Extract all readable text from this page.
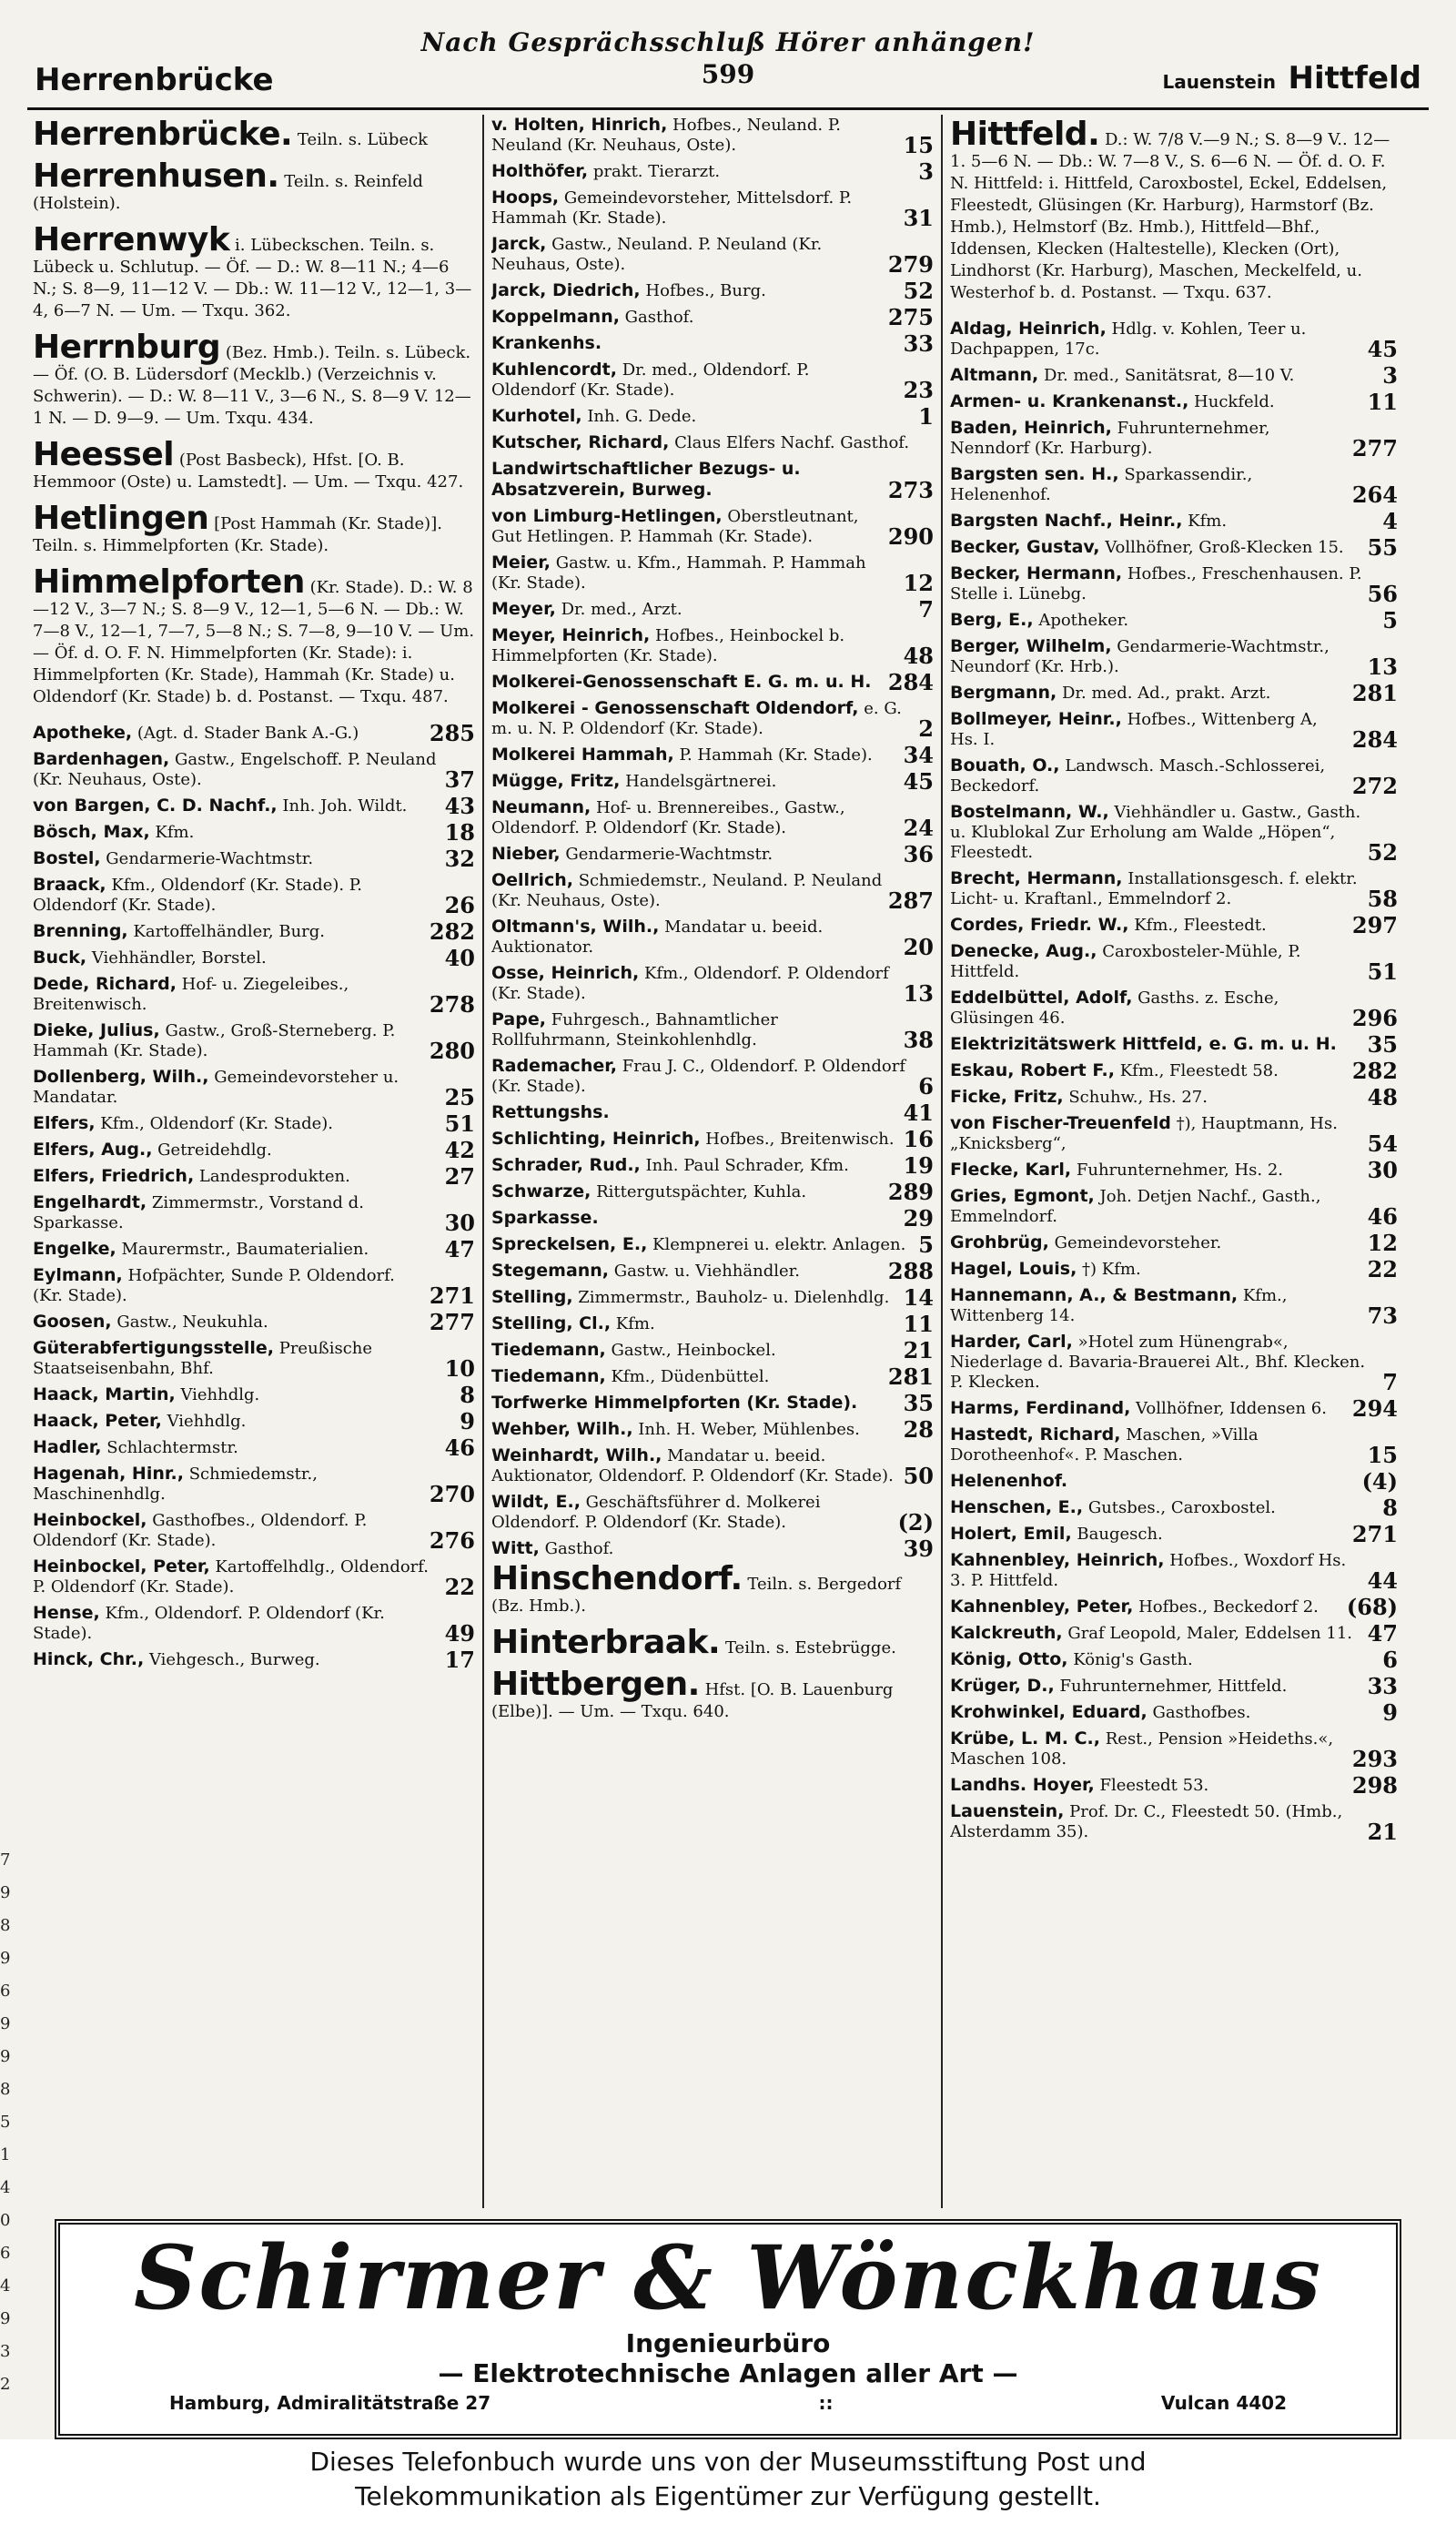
Herrenbrücke
Nach Gesprächsschluß Hörer anhängen!
599	Lauenstein Hittfeld
7
9
8
9
6
9
9
8
5
1
4
0
6
4
9
3
2
Herrenbrücke. Teiln. s. Lübeck
Herrenhusen. Teiln. s. Reinfeld (Holstein).
Herrenwyk i. Lübeckschen. Teiln. s. Lübeck u. Schlutup. — Öf. — D.: W. 8—11 N.; 4—6 N.; S. 8—9, 11—12 V. — Db.: W. 11—12 V., 12—1, 3—4, 6—7 N. — Um. — Txqu. 362.
Herrnburg (Bez. Hmb.). Teiln. s. Lübeck. — Öf. (O. B. Lüdersdorf (Mecklb.) (Verzeichnis v. Schwerin). — D.: W. 8—11 V., 3—6 N., S. 8—9 V. 12—1 N. — D. 9—9. — Um. Txqu. 434.
Heessel (Post Basbeck), Hfst. [O. B. Hemmoor (Oste) u. Lamstedt]. — Um. — Txqu. 427.
Hetlingen [Post Hammah (Kr. Stade)]. Teiln. s. Himmelpforten (Kr. Stade).
Himmelpforten (Kr. Stade). D.: W. 8—12 V., 3—7 N.; S. 8—9 V., 12—1, 5—6 N. — Db.: W. 7—8 V., 12—1, 7—7, 5—8 N.; S. 7—8, 9—10 V. — Um. — Öf. d. O. F. N. Himmelpforten (Kr. Stade): i. Himmelpforten (Kr. Stade), Hammah (Kr. Stade) u. Oldendorf (Kr. Stade) b. d. Postanst. — Txqu. 487.
Apotheke, (Agt. d. Stader Bank A.-G.)	285
Bardenhagen, Gastw., Engelschoff. P. Neuland (Kr. Neuhaus, Oste).	37
von Bargen, C. D. Nachf., Inh. Joh. Wildt.	43
Bösch, Max, Kfm.	18
Bostel, Gendarmerie-Wachtmstr.	32
Braack, Kfm., Oldendorf (Kr. Stade). P. Oldendorf (Kr. Stade).	26
Brenning, Kartoffelhändler, Burg.	282
Buck, Viehhändler, Borstel.	40
Dede, Richard, Hof- u. Ziegeleibes., Breitenwisch.	278
Dieke, Julius, Gastw., Groß-Sterneberg. P. Hammah (Kr. Stade).	280
Dollenberg, Wilh., Gemeindevorsteher u. Mandatar.	25
Elfers, Kfm., Oldendorf (Kr. Stade).	51
Elfers, Aug., Getreidehdlg.	42
Elfers, Friedrich, Landesprodukten.	27
Engelhardt, Zimmermstr., Vorstand d. Sparkasse.	30
Engelke, Maurermstr., Baumaterialien.	47
Eylmann, Hofpächter, Sunde P. Oldendorf. (Kr. Stade).	271
Goosen, Gastw., Neukuhla.	277
Güterabfertigungsstelle, Preußische Staatseisenbahn, Bhf.	10
Haack, Martin, Viehhdlg.	8
Haack, Peter, Viehhdlg.	9
Hadler, Schlachtermstr.	46
Hagenah, Hinr., Schmiedemstr., Maschinenhdlg.	270
Heinbockel, Gasthofbes., Oldendorf. P. Oldendorf (Kr. Stade).	276
Heinbockel, Peter, Kartoffelhdlg., Oldendorf. P. Oldendorf (Kr. Stade).	22
Hense, Kfm., Oldendorf. P. Oldendorf (Kr. Stade).	49
Hinck, Chr., Viehgesch., Burweg.	17
v. Holten, Hinrich, Hofbes., Neuland. P. Neuland (Kr. Neuhaus, Oste).	15
Holthöfer, prakt. Tierarzt.	3
Hoops, Gemeindevorsteher, Mittelsdorf. P. Hammah (Kr. Stade).	31
Jarck, Gastw., Neuland. P. Neuland (Kr. Neuhaus, Oste).	279
Jarck, Diedrich, Hofbes., Burg.	52
Koppelmann, Gasthof.	275
Krankenhs.	33
Kuhlencordt, Dr. med., Oldendorf. P. Oldendorf (Kr. Stade).	23
Kurhotel, Inh. G. Dede.	1
Kutscher, Richard, Claus Elfers Nachf. Gasthof.
Landwirtschaftlicher Bezugs- u. Absatzverein, Burweg.	273
von Limburg-Hetlingen, Oberstleutnant, Gut Hetlingen. P. Hammah (Kr. Stade).	290
Meier, Gastw. u. Kfm., Hammah. P. Hammah (Kr. Stade).	12
Meyer, Dr. med., Arzt.	7
Meyer, Heinrich, Hofbes., Heinbockel b. Himmelpforten (Kr. Stade).	48
Molkerei-Genossenschaft E. G. m. u. H. 284
Molkerei - Genossenschaft Oldendorf, e. G. m. u. N. P. Oldendorf (Kr. Stade).	2
Molkerei Hammah, P. Hammah (Kr. Stade).	34
Mügge, Fritz, Handelsgärtnerei.	45
Neumann, Hof- u. Brennereibes., Gastw., Oldendorf. P. Oldendorf (Kr. Stade).	24
Nieber, Gendarmerie-Wachtmstr.	36
Oellrich, Schmiedemstr., Neuland. P. Neuland (Kr. Neuhaus, Oste).	287
Oltmann's, Wilh., Mandatar u. beeid. Auktionator.	20
Osse, Heinrich, Kfm., Oldendorf. P. Oldendorf (Kr. Stade).	13
Pape, Fuhrgesch., Bahnamtlicher Rollfuhrmann, Steinkohlenhdlg.	38
Rademacher, Frau J. C., Oldendorf. P. Oldendorf (Kr. Stade).	6
Rettungshs.	41
Schlichting, Heinrich, Hofbes., Breitenwisch. 16
Schrader, Rud., Inh. Paul Schrader, Kfm.	19
Schwarze, Rittergutspächter, Kuhla.	289
Sparkasse.	29
Spreckelsen, E., Klempnerei u. elektr. Anlagen. 5
Stegemann, Gastw. u. Viehhändler.	288
Stelling, Zimmermstr., Bauholz- u. Dielenhdlg. 14
Stelling, Cl., Kfm.	11
Tiedemann, Gastw., Heinbockel.	21
Tiedemann, Kfm., Düdenbüttel.	281
Torfwerke Himmelpforten (Kr. Stade).	35
Wehber, Wilh., Inh. H. Weber, Mühlenbes.	28
Weinhardt, Wilh., Mandatar u. beeid. Auktionator, Oldendorf. P. Oldendorf (Kr. Stade). 50
Wildt, E., Geschäftsführer d. Molkerei Oldendorf. P. Oldendorf (Kr. Stade).	(2)
Witt, Gasthof.	39
Hinschendorf. Teiln. s. Bergedorf (Bz. Hmb.).
Hinterbraak. Teiln. s. Estebrügge.
Hittbergen. Hfst. [O. B. Lauenburg (Elbe)]. — Um. — Txqu. 640.
Hittfeld. D.: W. 7/8 V.—9 N.; S. 8—9 V.. 12—1. 5—6 N. — Db.: W. 7—8 V., S. 6—6 N. — Öf. d. O. F. N. Hittfeld: i. Hittfeld, Caroxbostel, Eckel, Eddelsen, Fleestedt, Glüsingen (Kr. Harburg), Harmstorf (Bz. Hmb.), Helmstorf (Bz. Hmb.), Hittfeld—Bhf., Iddensen, Klecken (Haltestelle), Klecken (Ort), Lindhorst (Kr. Harburg), Maschen, Meckelfeld, u. Westerhof b. d. Postanst. — Txqu. 637.
Aldag, Heinrich, Hdlg. v. Kohlen, Teer u. Dachpappen, 17c.	45
Altmann, Dr. med., Sanitätsrat, 8—10 V.	3
Armen- u. Krankenanst., Huckfeld.	11
Baden, Heinrich, Fuhrunternehmer, Nenndorf (Kr. Harburg).	277
Bargsten sen. H., Sparkassendir., Helenenhof.	264
Bargsten Nachf., Heinr., Kfm.	4
Becker, Gustav, Vollhöfner, Groß-Klecken 15.	55
Becker, Hermann, Hofbes., Freschenhausen. P. Stelle i. Lünebg.	56
Berg, E., Apotheker.	5
Berger, Wilhelm, Gendarmerie-Wachtmstr., Neundorf (Kr. Hrb.).	13
Bergmann, Dr. med. Ad., prakt. Arzt.	281
Bollmeyer, Heinr., Hofbes., Wittenberg A, Hs. I.	284
Bouath, O., Landwsch. Masch.-Schlosserei, Beckedorf.	272
Bostelmann, W., Viehhändler u. Gastw., Gasth. u. Klublokal Zur Erholung am Walde „Höpen“, Fleestedt.	52
Brecht, Hermann, Installationsgesch. f. elektr. Licht- u. Kraftanl., Emmelndorf 2.	58
Cordes, Friedr. W., Kfm., Fleestedt.	297
Denecke, Aug., Caroxbosteler-Mühle, P. Hittfeld.	51
Eddelbüttel, Adolf, Gasths. z. Esche, Glüsingen 46.	296
Elektrizitätswerk Hittfeld, e. G. m. u. H.	35
Eskau, Robert F., Kfm., Fleestedt 58.	282
Ficke, Fritz, Schuhw., Hs. 27.	48
von Fischer-Treuenfeld †), Hauptmann, Hs. „Knicksberg“,	54
Flecke, Karl, Fuhrunternehmer, Hs. 2.	30
Gries, Egmont, Joh. Detjen Nachf., Gasth., Emmelndorf.	46
Grohbrüg, Gemeindevorsteher.	12
Hagel, Louis, †) Kfm.	22
Hannemann, A., & Bestmann, Kfm., Wittenberg 14.	73
Harder, Carl, »Hotel zum Hünengrab«, Niederlage d. Bavaria-Brauerei Alt., Bhf. Klecken. P. Klecken.	7
Harms, Ferdinand, Vollhöfner, Iddensen 6.	294
Hastedt, Richard, Maschen, »Villa Dorotheenhof«. P. Maschen.	15
Helenenhof.	(4)
Henschen, E., Gutsbes., Caroxbostel.	8
Holert, Emil, Baugesch.	271
Kahnenbley, Heinrich, Hofbes., Woxdorf Hs. 3. P. Hittfeld.	44
Kahnenbley, Peter, Hofbes., Beckedorf 2.	(68)
Kalckreuth, Graf Leopold, Maler, Eddelsen 11. 47
König, Otto, König's Gasth.	6
Krüger, D., Fuhrunternehmer, Hittfeld.	33
Krohwinkel, Eduard, Gasthofbes.	9
Krübe, L. M. C., Rest., Pension »Heideths.«, Maschen 108.	293
Landhs. Hoyer, Fleestedt 53.	298
Lauenstein, Prof. Dr. C., Fleestedt 50. (Hmb., Alsterdamm 35).	21
Schirmer & Wönckhaus
Ingenieurbüro
— Elektrotechnische Anlagen aller Art —
Hamburg, Admiralitätstraße 27	::	Vulcan 4402
Dieses Telefonbuch wurde uns von der Museumsstiftung Post und
Telekommunikation als Eigentümer zur Verfügung gestellt.
